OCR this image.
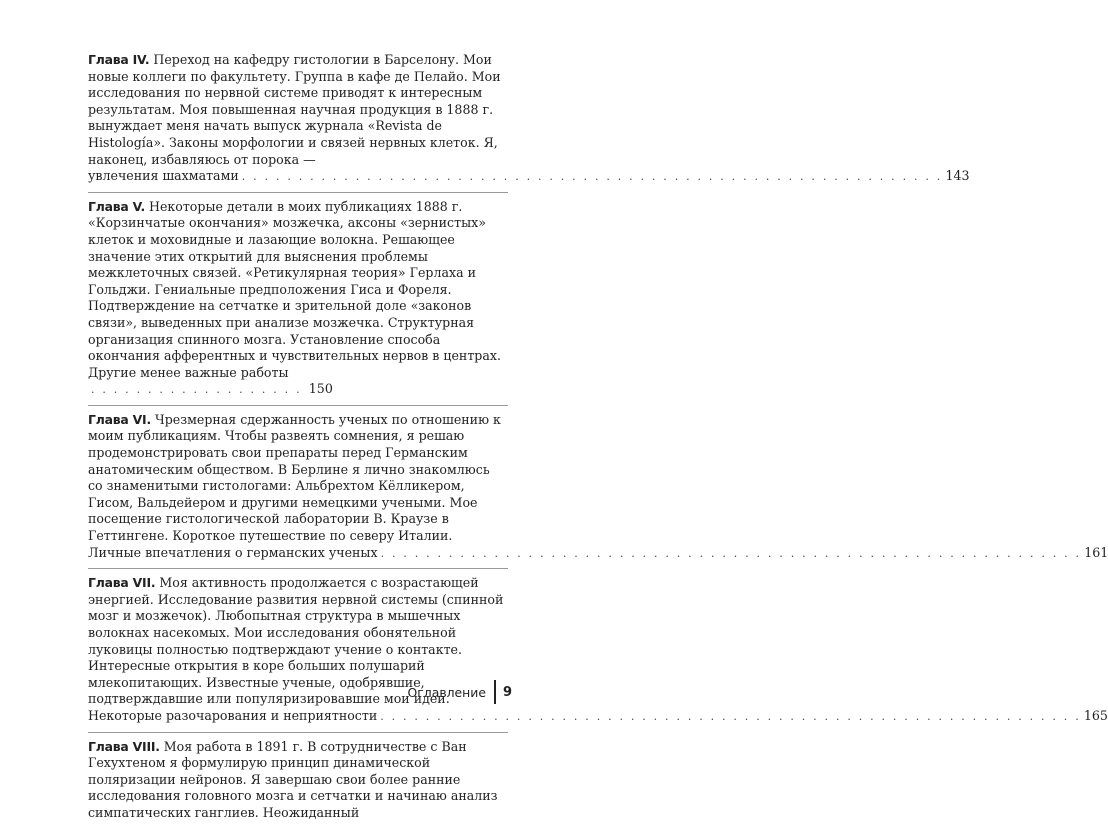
Глава IV. Переход на кафедру гистологии в Барселону. Мои новые коллеги по факультету. Группа в кафе де Пелайо. Мои исследования по нервной системе приводят к интересным результатам. Моя повышенная научная продукция в 1888 г. вынуждает меня начать выпуск журнала «Revista de Histología». Законы морфологии и связей нервных клеток. Я, наконец, избавляюсь от порока —

увлечения шахматами . . . . . . . . . . . . . . . . . . . . . . . . . . . . . . . . . . . . . . . . . . . . . . . . . . . . . . . . . . . . . . 143
Глава V. Некоторые детали в моих публикациях 1888 г. «Корзинчатые окончания» мозжечка, аксоны «зернистых» клеток и моховидные и лазающие волокна. Решающее значение этих открытий для выяснения проблемы межклеточных связей. «Ретикулярная теория» Герлаха и Гольджи. Гениальные предположения Гиса и Фореля. Подтверждение на сетчатке и зрительной доле «законов связи», выведенных при анализе мозжечка. Структурная организация спинного мозга. Установление способа окончания афферентных и чувствительных нервов в центрах. Другие менее важные работы . . . . . . . . . . . . . . . . . . . 150

Глава VI. Чрезмерная сдержанность ученых по отношению к моим публикациям. Чтобы развеять сомнения, я решаю продемонстрировать свои препараты перед Германским анатомическим обществом. В Берлине я лично знакомлюсь со знаменитыми гистологами: Альбрехтом Кёлликером, Гисом, Вальдейером и другими немецкими учеными. Мое посещение гистологической лаборатории В. Краузе в Геттингене. Короткое путешествие по северу Италии.

Личные впечатления о германских ученых . . . . . . . . . . . . . . . . . . . . . . . . . . . . . . . . . . . . . . . . . . . . . . . . . . . . . . . . . . . . . . 161

Глава VII. Моя активность продолжается с возрастающей энергией. Исследование развития нервной системы (спинной мозг и мозжечок). Любопытная структура в мышечных волокнах насекомых. Мои исследования обонятельной луковицы полностью подтверждают учение о контакте. Интересные открытия в коре больших полушарий млекопитающих. Известные ученые, одобрявшие, подтверждавшие или популяризировавшие мои идеи.

Некоторые разочарования и неприятности . . . . . . . . . . . . . . . . . . . . . . . . . . . . . . . . . . . . . . . . . . . . . . . . . . . . . . . . . . . . . . 165

Глава VIII. Моя работа в 1891 г. В сотрудничестве с Ван Гехухтеном я формулирую принцип динамической поляризации нейронов. Я завершаю свои более ранние исследования головного мозга и сетчатки и начинаю анализ симпатических ганглиев. Неожиданный

Оглавление 9
